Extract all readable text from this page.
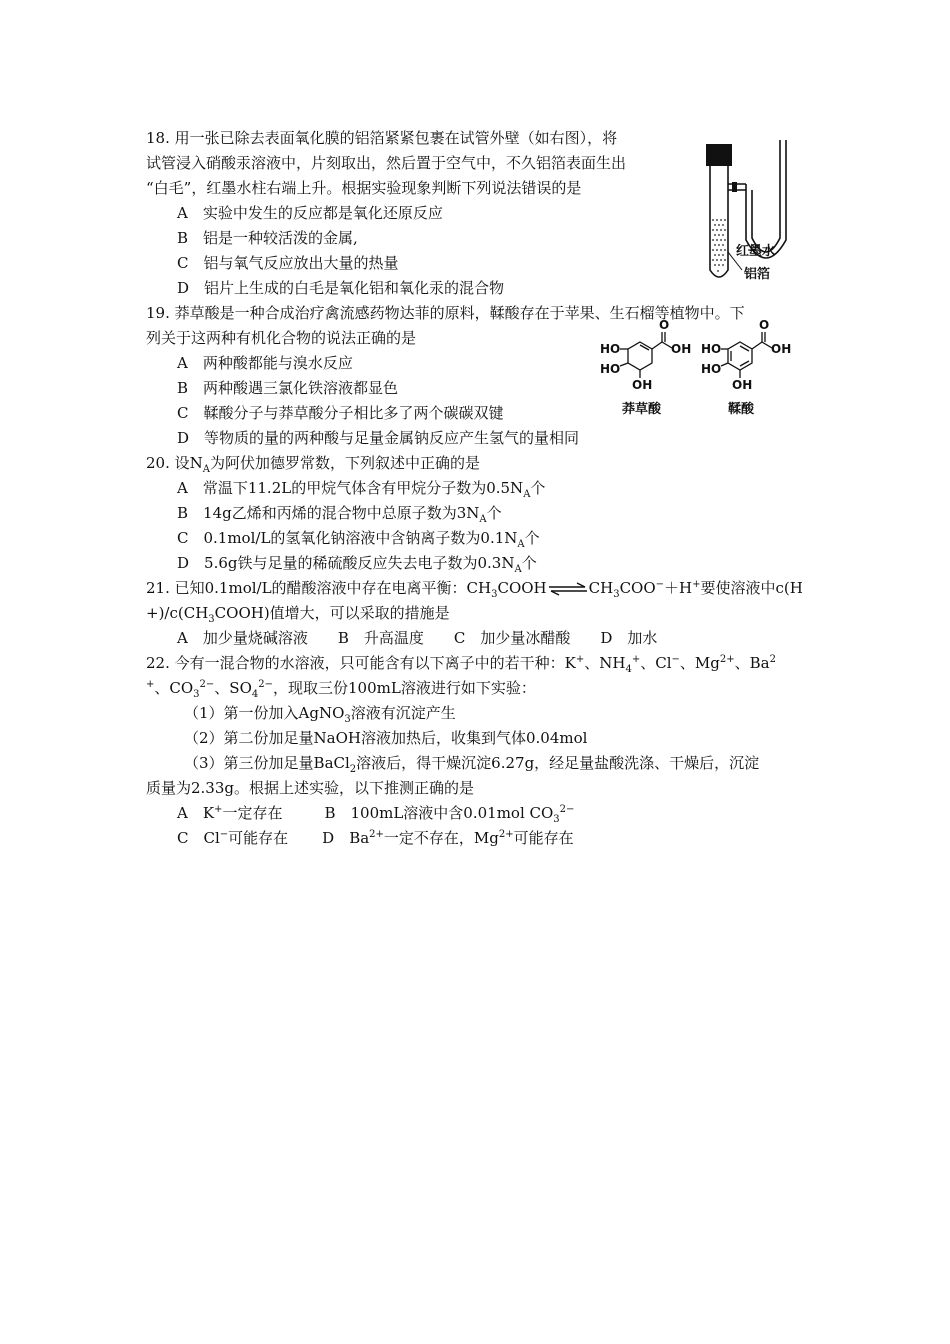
18. 用一张已除去表面氧化膜的铝箔紧紧包裹在试管外壁（如右图），将
试管浸入硝酸汞溶液中，片刻取出，然后置于空气中，不久铝箔表面生出
“白毛”，红墨水柱右端上升。根据实验现象判断下列说法错误的是
A　实验中发生的反应都是氧化还原反应
B　铝是一种较活泼的金属,
C　铝与氧气反应放出大量的热量
D　铝片上生成的白毛是氧化铝和氧化汞的混合物
红墨水
铝箔
19. 莽草酸是一种合成治疗禽流感药物达菲的原料，鞣酸存在于苹果、生石榴等植物中。下
列关于这两种有机化合物的说法正确的是
A　两种酸都能与溴水反应
B　两种酸遇三氯化铁溶液都显色
C　鞣酸分子与莽草酸分子相比多了两个碳碳双键
D　等物质的量的两种酸与足量金属钠反应产生氢气的量相同
O
OH
HO
HO
OH
O
OH
HO
HO
OH
莽草酸	鞣酸
20. 设$N_A$为阿伏加德罗常数，下列叙述中正确的是
A　常温下11.2L的甲烷气体含有甲烷分子数为$0.5N_A$个
B　14g乙烯和丙烯的混合物中总原子数为$3N_A$个
C　0.1mol/L的氢氧化钠溶液中含钠离子数为$0.1N_A$个
D　5.6g铁与足量的稀硫酸反应失去电子数为$0.3N_A$个
21. 已知0.1mol/L的醋酸溶液中存在电离平衡：$CH_3COOH\rightleftharpoons CH_3COO^-+H^+$要使溶液中c(H
$+)/c(CH_3COOH)$值增大，可以采取的措施是
A　加少量烧碱溶液　　B　升高温度　　C　加少量冰醋酸　　D　加水
22. 今有一混合物的水溶液，只可能含有以下离子中的若干种：K+、$NH_4^+$、Cl−、$Mg^{2+}$、Ba$^2$
+、$CO_3^{2-}$、$SO_4^{2-}$，现取三份100mL溶液进行如下实验：
（1）第一份加入AgNO$_3$溶液有沉淀产生
（2）第二份加足量NaOH溶液加热后，收集到气体0.04mol
（3）第三份加足量BaCl$_2$溶液后，得干燥沉淀6.27g，经足量盐酸洗涤、干燥后，沉淀
质量为2.33g。根据上述实验，以下推测正确的是
A　K+一定存在	B　100mL溶液中含0.01mol $CO_3^{2-}$
C　Cl−可能存在 D　$Ba^{2+}$一定不存在，$Mg^{2+}$可能存在
